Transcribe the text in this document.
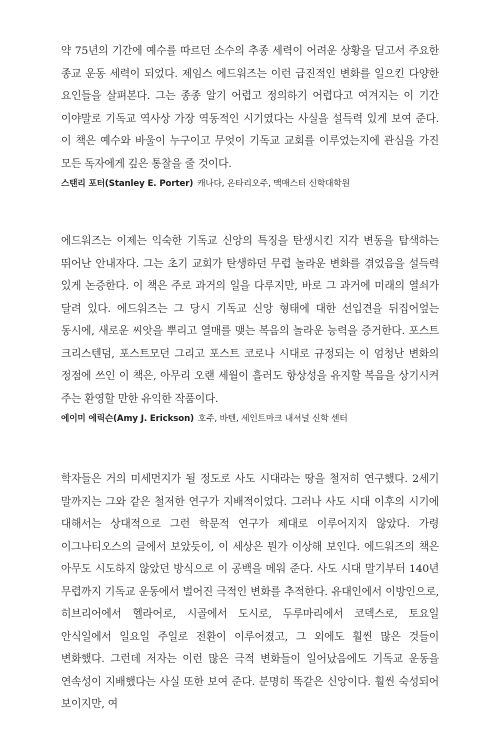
약 75년의 기간에 예수를 따르던 소수의 추종 세력이 어려운 상황을 딛고서 주요한 종교 운동 세력이 되었다. 제임스 에드워즈는 이런 급진적인 변화를 일으킨 다양한 요인들을 살펴본다. 그는 종종 알기 어렵고 정의하기 어렵다고 여겨지는 이 기간 이야말로 기독교 역사상 가장 역동적인 시기였다는 사실을 설득력 있게 보여 준다. 이 책은 예수와 바울이 누구이고 무엇이 기독교 교회를 이루었는지에 관심을 가진 모든 독자에게 깊은 통찰을 줄 것이다.

스탠리 포터(Stanley E. Porter) 캐나다, 온타리오주, 맥매스터 신학대학원

에드워즈는 이제는 익숙한 기독교 신앙의 특징을 탄생시킨 지각 변동을 탐색하는 뛰어난 안내자다. 그는 초기 교회가 탄생하던 무렵 놀라운 변화를 겪었음을 설득력 있게 논증한다. 이 책은 주로 과거의 일을 다루지만, 바로 그 과거에 미래의 열쇠가 달려 있다. 에드워즈는 그 당시 기독교 신앙 형태에 대한 선입견을 뒤집어엎는 동시에, 새로운 씨앗을 뿌리고 열매를 맺는 복음의 놀라운 능력을 증거한다. 포스트 크리스텐덤, 포스트모던 그리고 포스트 코로나 시대로 규정되는 이 엄청난 변화의 정점에 쓰인 이 책은, 아무리 오랜 세월이 흘러도 항상성을 유지할 복음을 상기시켜 주는 환영할 만한 유익한 작품이다.

에이미 에릭슨(Amy J. Erickson) 호주, 바텐, 세인트마크 내셔널 신학 센터

학자들은 거의 미세먼지가 될 정도로 사도 시대라는 땅을 철저히 연구했다. 2세기 말까지는 그와 같은 철저한 연구가 지배적이었다. 그러나 사도 시대 이후의 시기에 대해서는 상대적으로 그런 학문적 연구가 제대로 이루어지지 않았다. 가령 이그나티오스의 글에서 보았듯이, 이 세상은 뭔가 이상해 보인다. 에드워즈의 책은 아무도 시도하지 않았던 방식으로 이 공백을 메워 준다. 사도 시대 말기부터 140년 무렵까지 기독교 운동에서 벌어진 극적인 변화를 추적한다. 유대인에서 이방인으로, 히브리어에서 헬라어로, 시골에서 도시로, 두루마리에서 코덱스로, 토요일 안식일에서 일요일 주일로 전환이 이루어졌고, 그 외에도 훨씬 많은 것들이 변화했다. 그런데 저자는 이런 많은 극적 변화들이 일어났음에도 기독교 운동을 연속성이 지배했다는 사실 또한 보여 준다. 분명히 똑같은 신앙이다. 훨씬 숙성되어 보이지만, 여
